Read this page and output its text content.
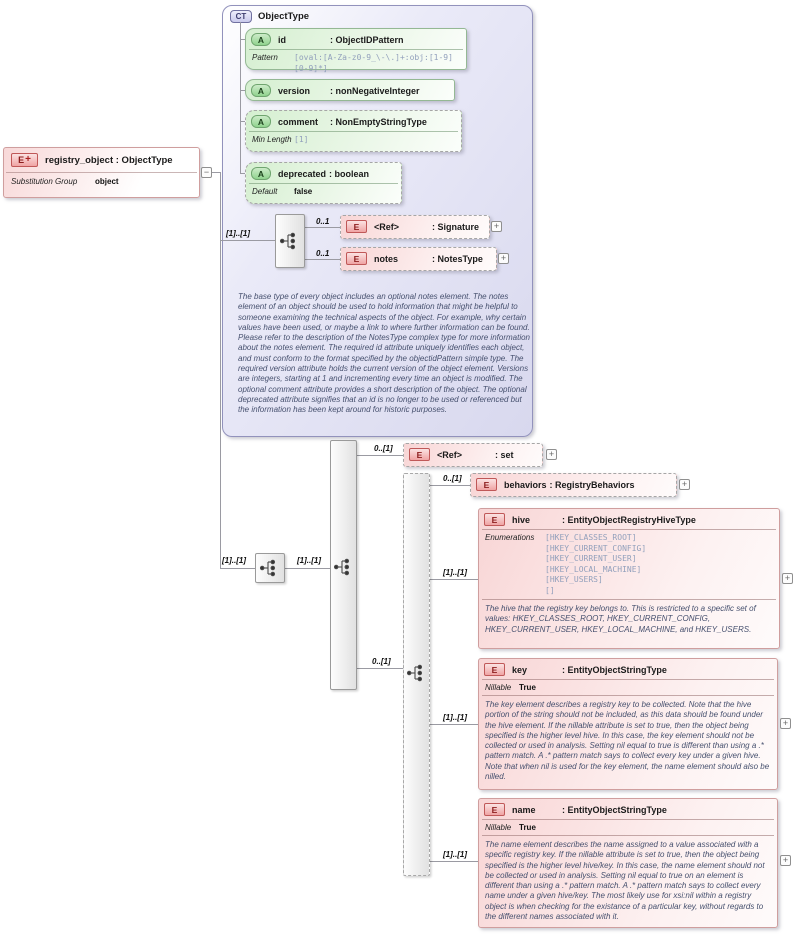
CT	ObjectType
The base type of every object includes an optional notes element. The notes element of an object should be used to hold information that might be helpful to someone examining the technical aspects of the object. For example, why certain values have been used, or maybe a link to where further information can be found. Please refer to the description of the NotesType complex type for more information about the notes element. The required id attribute uniquely identifies each object, and must conform to the format specified by the objectidPattern simple type. The required version attribute holds the current version of the object element. Versions are integers, starting at 1 and incrementing every time an object is modified. The optional comment attribute provides a short description of the object. The optional deprecated attribute signifies that an id is no longer to be used or referenced but the information has been kept around for historic purposes.
E + registry_object : ObjectType
Substitution Group	object
A	id	: ObjectIDPattern
Pattern	[oval:[A-Za-z0-9_\-\.]+:obj:[1-9][0-9]*]
A	version	: nonNegativeInteger
A	comment	: NonEmptyStringType
Min Length [1]
A	deprecated : boolean
Default	false
E	<Ref>	: Signature
E	notes	: NotesType
E	<Ref>	: set
E	behaviors : RegistryBehaviors
E	hive	: EntityObjectRegistryHiveType
Enumerations	[HKEY_CLASSES_ROOT]
[HKEY_CURRENT_CONFIG]
[HKEY_CURRENT_USER]
[HKEY_LOCAL_MACHINE]
[HKEY_USERS]
[]
The hive that the registry key belongs to. This is restricted to a specific set of values: HKEY_CLASSES_ROOT, HKEY_CURRENT_CONFIG, HKEY_CURRENT_USER, HKEY_LOCAL_MACHINE, and HKEY_USERS.
E	key	: EntityObjectStringType
Nillable True
The key element describes a registry key to be collected. Note that the hive portion of the string should not be included, as this data should be found under the hive element. If the nillable attribute is set to true, then the object being specified is the higher level hive. In this case, the key element should not be collected or used in analysis. Setting nil equal to true is different than using a .* pattern match. A .* pattern match says to collect every key under a given hive. Note that when nil is used for the key element, the name element should also be nilled.
E	name	: EntityObjectStringType
Nillable True
The name element describes the name assigned to a value associated with a specific registry key. If the nillable attribute is set to true, then the object being specified is the higher level hive/key. In this case, the name element should not be collected or used in analysis. Setting nil equal to true on an element is different than using a .* pattern match. A .* pattern match says to collect every name under a given hive/key. The most likely use for xsi:nil within a registry object is when checking for the existance of a particular key, without regards to the different names associated with it.
[1]..[1]
0..1
0..1
[1]..[1]	[1]..[1]
0..[1]
0..[1]
0..[1]
[1]..[1]
[1]..[1]
[1]..[1]
−
+
+
+
+
+
+
+
